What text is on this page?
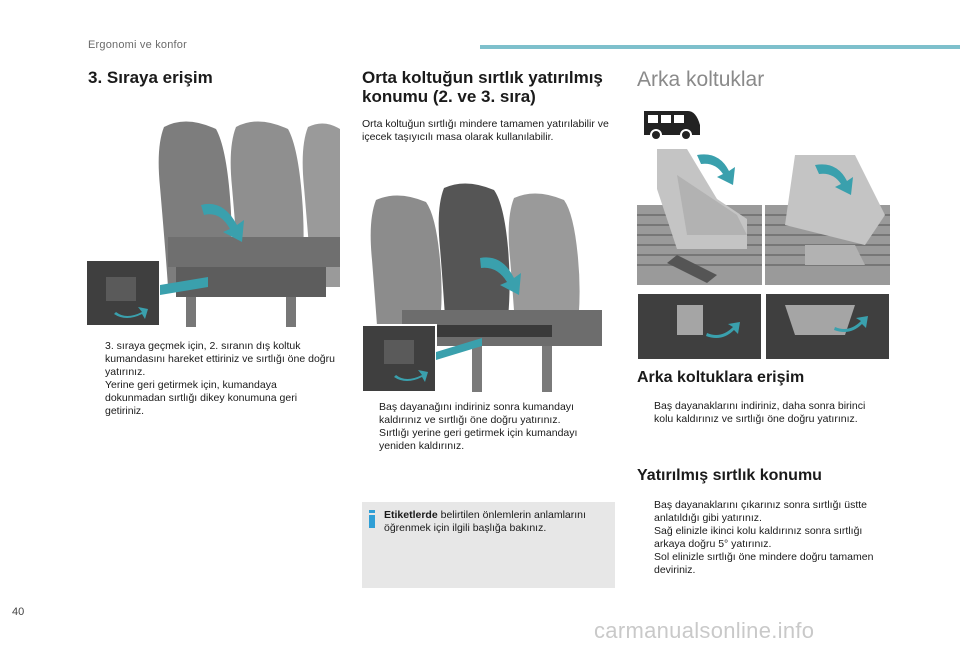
Ergonomi ve konfor
3. Sıraya erişim
3. sıraya geçmek için, 2. sıranın dış koltuk kumandasını hareket ettiriniz ve sırtlığı öne doğru yatırınız.
Yerine geri getirmek için, kumandaya dokunmadan sırtlığı dikey konumuna geri getiriniz.
Orta koltuğun sırtlık yatırılmış konumu (2. ve 3. sıra)
Orta koltuğun sırtlığı mindere tamamen yatırılabilir ve içecek taşıyıcılı masa olarak kullanılabilir.
Baş dayanağını indiriniz sonra kumandayı kaldırınız ve sırtlığı öne doğru yatırınız.
Sırtlığı yerine geri getirmek için kumandayı yeniden kaldırınız.
Etiketlerde belirtilen önlemlerin anlamlarını öğrenmek için ilgili başlığa bakınız.
Arka koltuklar
Arka koltuklara erişim
Baş dayanaklarını indiriniz, daha sonra birinci kolu kaldırınız ve sırtlığı öne doğru yatırınız.
Yatırılmış sırtlık konumu
Baş dayanaklarını çıkarınız sonra sırtlığı üstte anlatıldığı gibi yatırınız.
Sağ elinizle ikinci kolu kaldırınız sonra sırtlığı arkaya doğru 5° yatırınız.
Sol elinizle sırtlığı öne mindere doğru tamamen deviriniz.
40
carmanualsonline.info
